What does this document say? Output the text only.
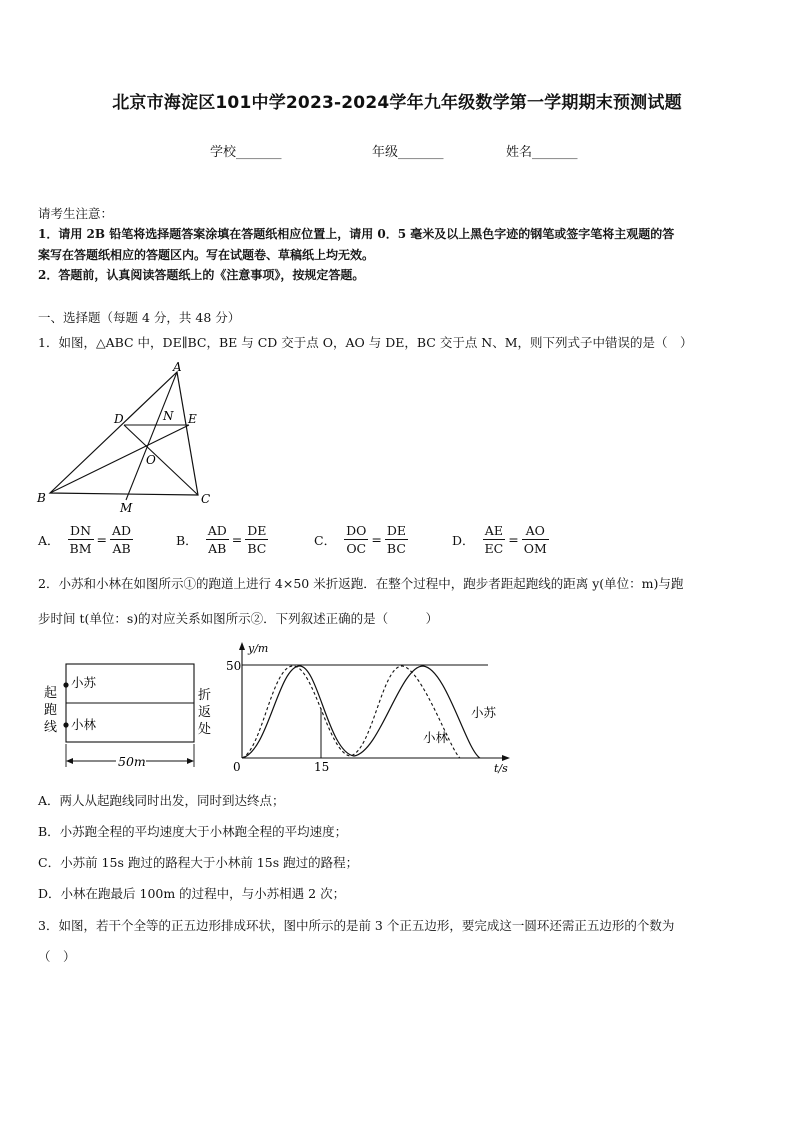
北京市海淀区101中学2023-2024学年九年级数学第一学期期末预测试题
学校_______	年级_______	姓名_______
请考生注意：
1．请用 2B 铅笔将选择题答案涂填在答题纸相应位置上，请用 0．5 毫米及以上黑色字迹的钢笔或签字笔将主观题的答
案写在答题纸相应的答题区内。写在试题卷、草稿纸上均无效。
2．答题前，认真阅读答题纸上的《注意事项》，按规定答题。
一、选择题（每题 4 分，共 48 分）
1．如图，△ABC 中，DE∥BC，BE 与 CD 交于点 O，AO 与 DE，BC 交于点 N、M，则下列式子中错误的是（　）
A
B	C
D	E
N
O
M
A． $\frac{DN}{BM} = \frac{AD}{AB}$	B． $\frac{AD}{AB} = \frac{DE}{BC}$	C． $\frac{DO}{OC} = \frac{DE}{BC}$	D． $\frac{AE}{EC} = \frac{AO}{OM}$
2．小苏和小林在如图所示①的跑道上进行 4×50 米折返跑．在整个过程中，跑步者距起跑线的距离 y(单位：m)与跑
步时间 t(单位：s)的对应关系如图所示②．下列叙述正确的是（　　　）
小苏
小林
起
跑
线
折
返
处
50m
y/m
t/s
50
15
0
小苏
小林
A．两人从起跑线同时出发，同时到达终点；
B．小苏跑全程的平均速度大于小林跑全程的平均速度；
C．小苏前 15s 跑过的路程大于小林前 15s 跑过的路程；
D．小林在跑最后 100m 的过程中，与小苏相遇 2 次；
3．如图，若干个全等的正五边形排成环状，图中所示的是前 3 个正五边形，要完成这一圆环还需正五边形的个数为
（　）
